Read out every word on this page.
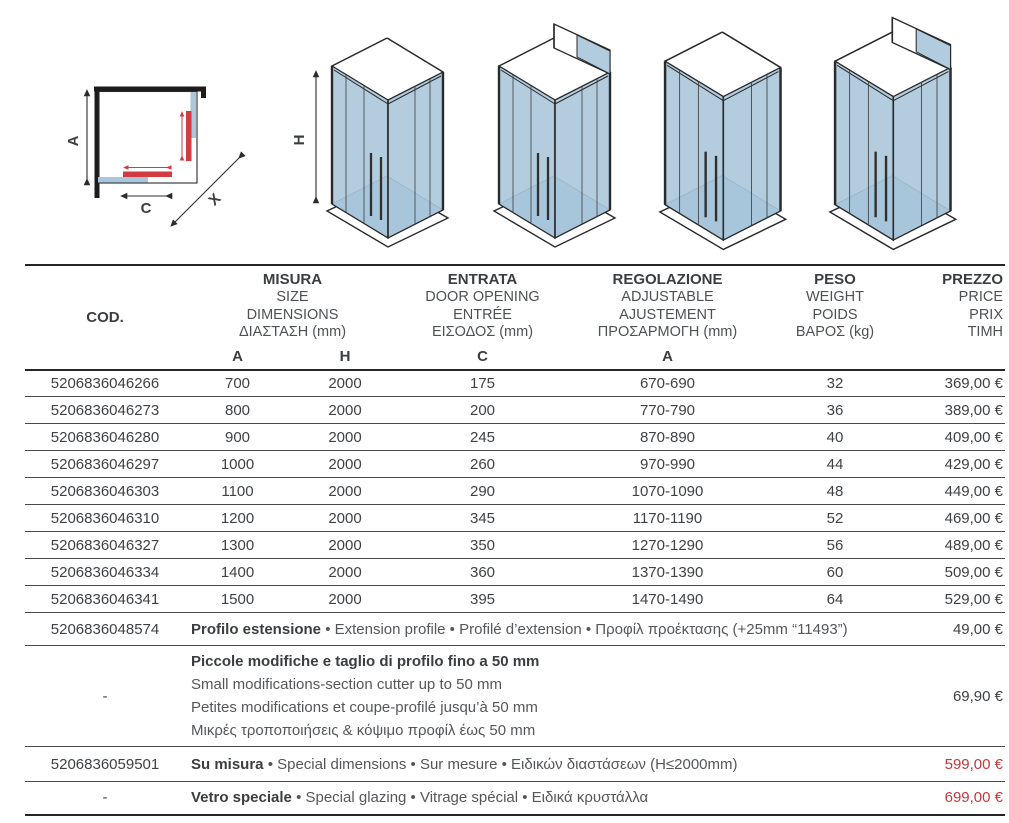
A
C	X
H
COD.	
MISURA
SIZE
DIMENSIONS
ΔΙΑΣΤΑΣΗ (mm)

ENTRATA
DOOR OPENING
ENTRÉE
ΕΙΣΟΔΟΣ (mm)

REGOLAZIONE
ADJUSTABLE
AJUSTEMENT
ΠΡΟΣΑΡΜΟΓΗ (mm)

PESO
WEIGHT
POIDS
ΒΑΡΟΣ (kg)

PREZZO
PRICE
PRIX
ΤΙΜΗ

	A	H	C	A		
5206836046266	700	2000	175	670-690	32	369,00 €
5206836046273	800	2000	200	770-790	36	389,00 €
5206836046280	900	2000	245	870-890	40	409,00 €
5206836046297	1000	2000	260	970-990	44	429,00 €
5206836046303	1100	2000	290	1070-1090	48	449,00 €
5206836046310	1200	2000	345	1170-1190	52	469,00 €
5206836046327	1300	2000	350	1270-1290	56	489,00 €
5206836046334	1400	2000	360	1370-1390	60	509,00 €
5206836046341	1500	2000	395	1470-1490	64	529,00 €
5206836048574	Profilo estensione • Extension profile • Profilé d’extension • Προφίλ προέκτασης (+25mm “11493”)					49,00 €
-	Piccole modifiche e taglio di profilo fino a 50 mm
Small modifications-section cutter up to 50 mm
Petites modifications et coupe-profilé jusqu’à 50 mm
Μικρές τροποποιήσεις & κόψιμο προφίλ έως 50 mm					69,90 €
5206836059501	Su misura • Special dimensions • Sur mesure • Ειδικών διαστάσεων (H≤2000mm)					599,00 €
-	Vetro speciale • Special glazing • Vitrage spécial • Ειδικά κρυστάλλα					699,00 €
